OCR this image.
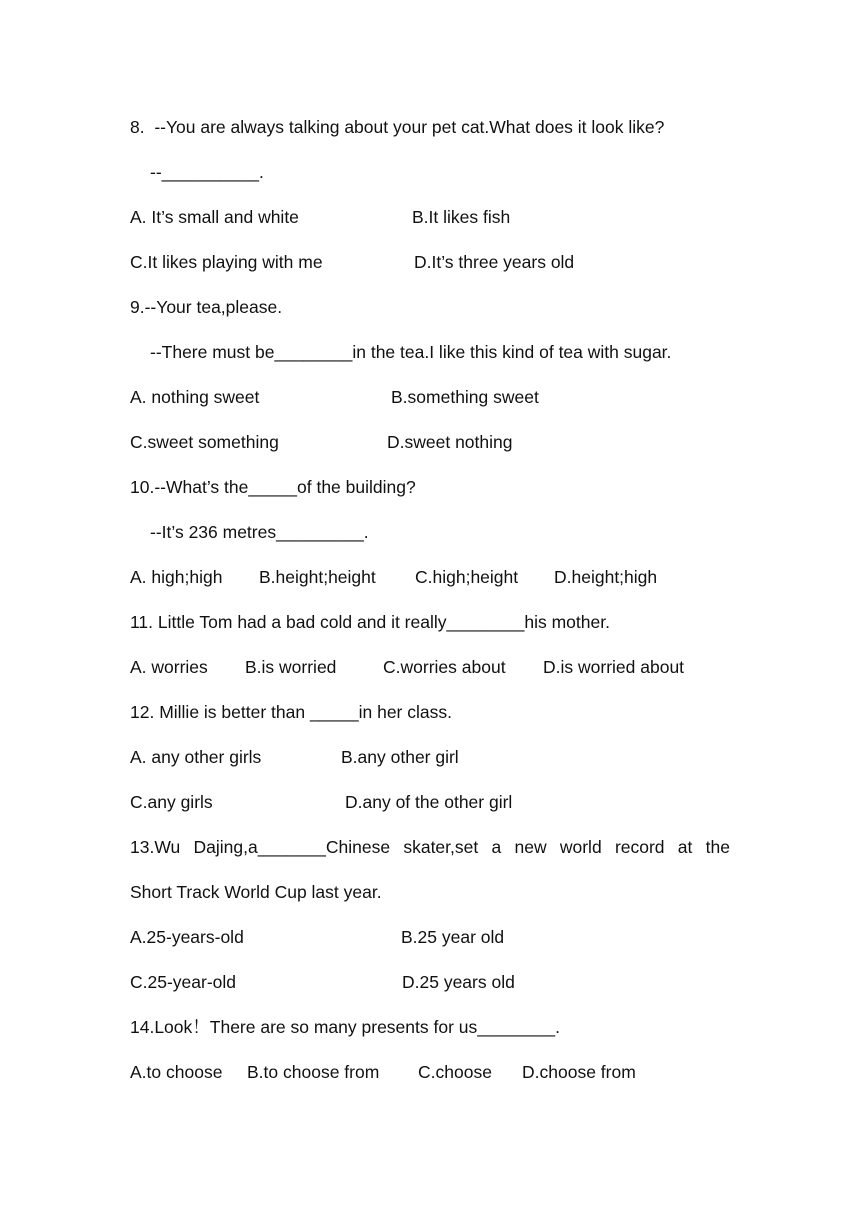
8.  --You are always talking about your pet cat.What does it look like?
--__________.
A. It’s small and white	B.It likes fish
C.It likes playing with me	D.It’s three years old
9.--Your tea,please.
--There must be________in the tea.I like this kind of tea with sugar.
A. nothing sweet	B.something sweet
C.sweet something	D.sweet nothing
10.--What’s the_____of the building?
--It’s 236 metres_________.
A. high;high B.height;height C.high;height D.height;high
11. Little Tom had a bad cold and it really________his mother.
A. worries B.is worried	C.worries about D.is worried about
12. Millie is better than _____in her class.
A. any other girls	B.any other girl
C.any girls	D.any of the other girl
13.Wu Dajing,a_______Chinese skater,set a new world record at the
Short Track World Cup last year.
A.25-years-old	B.25 year old
C.25-year-old	D.25 years old
14.Look！There are so many presents for us________.
A.to choose B.to choose from C.choose D.choose from
